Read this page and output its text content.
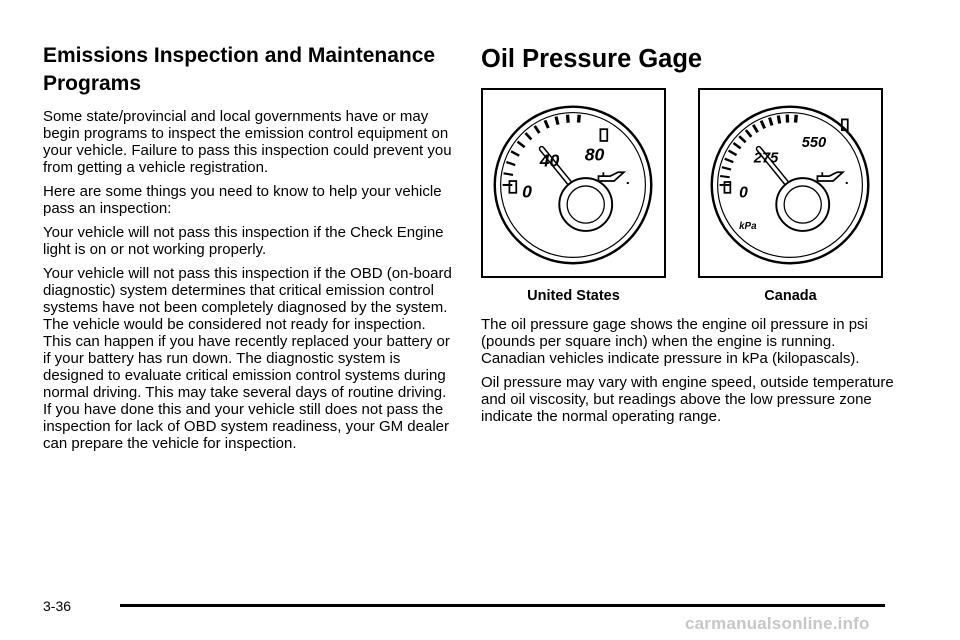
Emissions Inspection and Maintenance Programs

Some state/provincial and local governments have or may begin programs to inspect the emission control equipment on your vehicle. Failure to pass this inspection could prevent you from getting a vehicle registration.

Here are some things you need to know to help your vehicle pass an inspection:

Your vehicle will not pass this inspection if the Check Engine light is on or not working properly.

Your vehicle will not pass this inspection if the OBD (on-board diagnostic) system determines that critical emission control systems have not been completely diagnosed by the system. The vehicle would be considered not ready for inspection. This can happen if you have recently replaced your battery or if your battery has run down. The diagnostic system is designed to evaluate critical emission control systems during normal driving. This may take several days of routine driving. If you have done this and your vehicle still does not pass the inspection for lack of OBD system readiness, your GM dealer can prepare the vehicle for inspection.

Oil Pressure Gage
0
40 80
United States
0
275
550
kPa
Canada

The oil pressure gage shows the engine oil pressure in psi (pounds per square inch) when the engine is running. Canadian vehicles indicate pressure in kPa (kilopascals).

Oil pressure may vary with engine speed, outside temperature and oil viscosity, but readings above the low pressure zone indicate the normal operating range.

3-36
carmanualsonline.info
